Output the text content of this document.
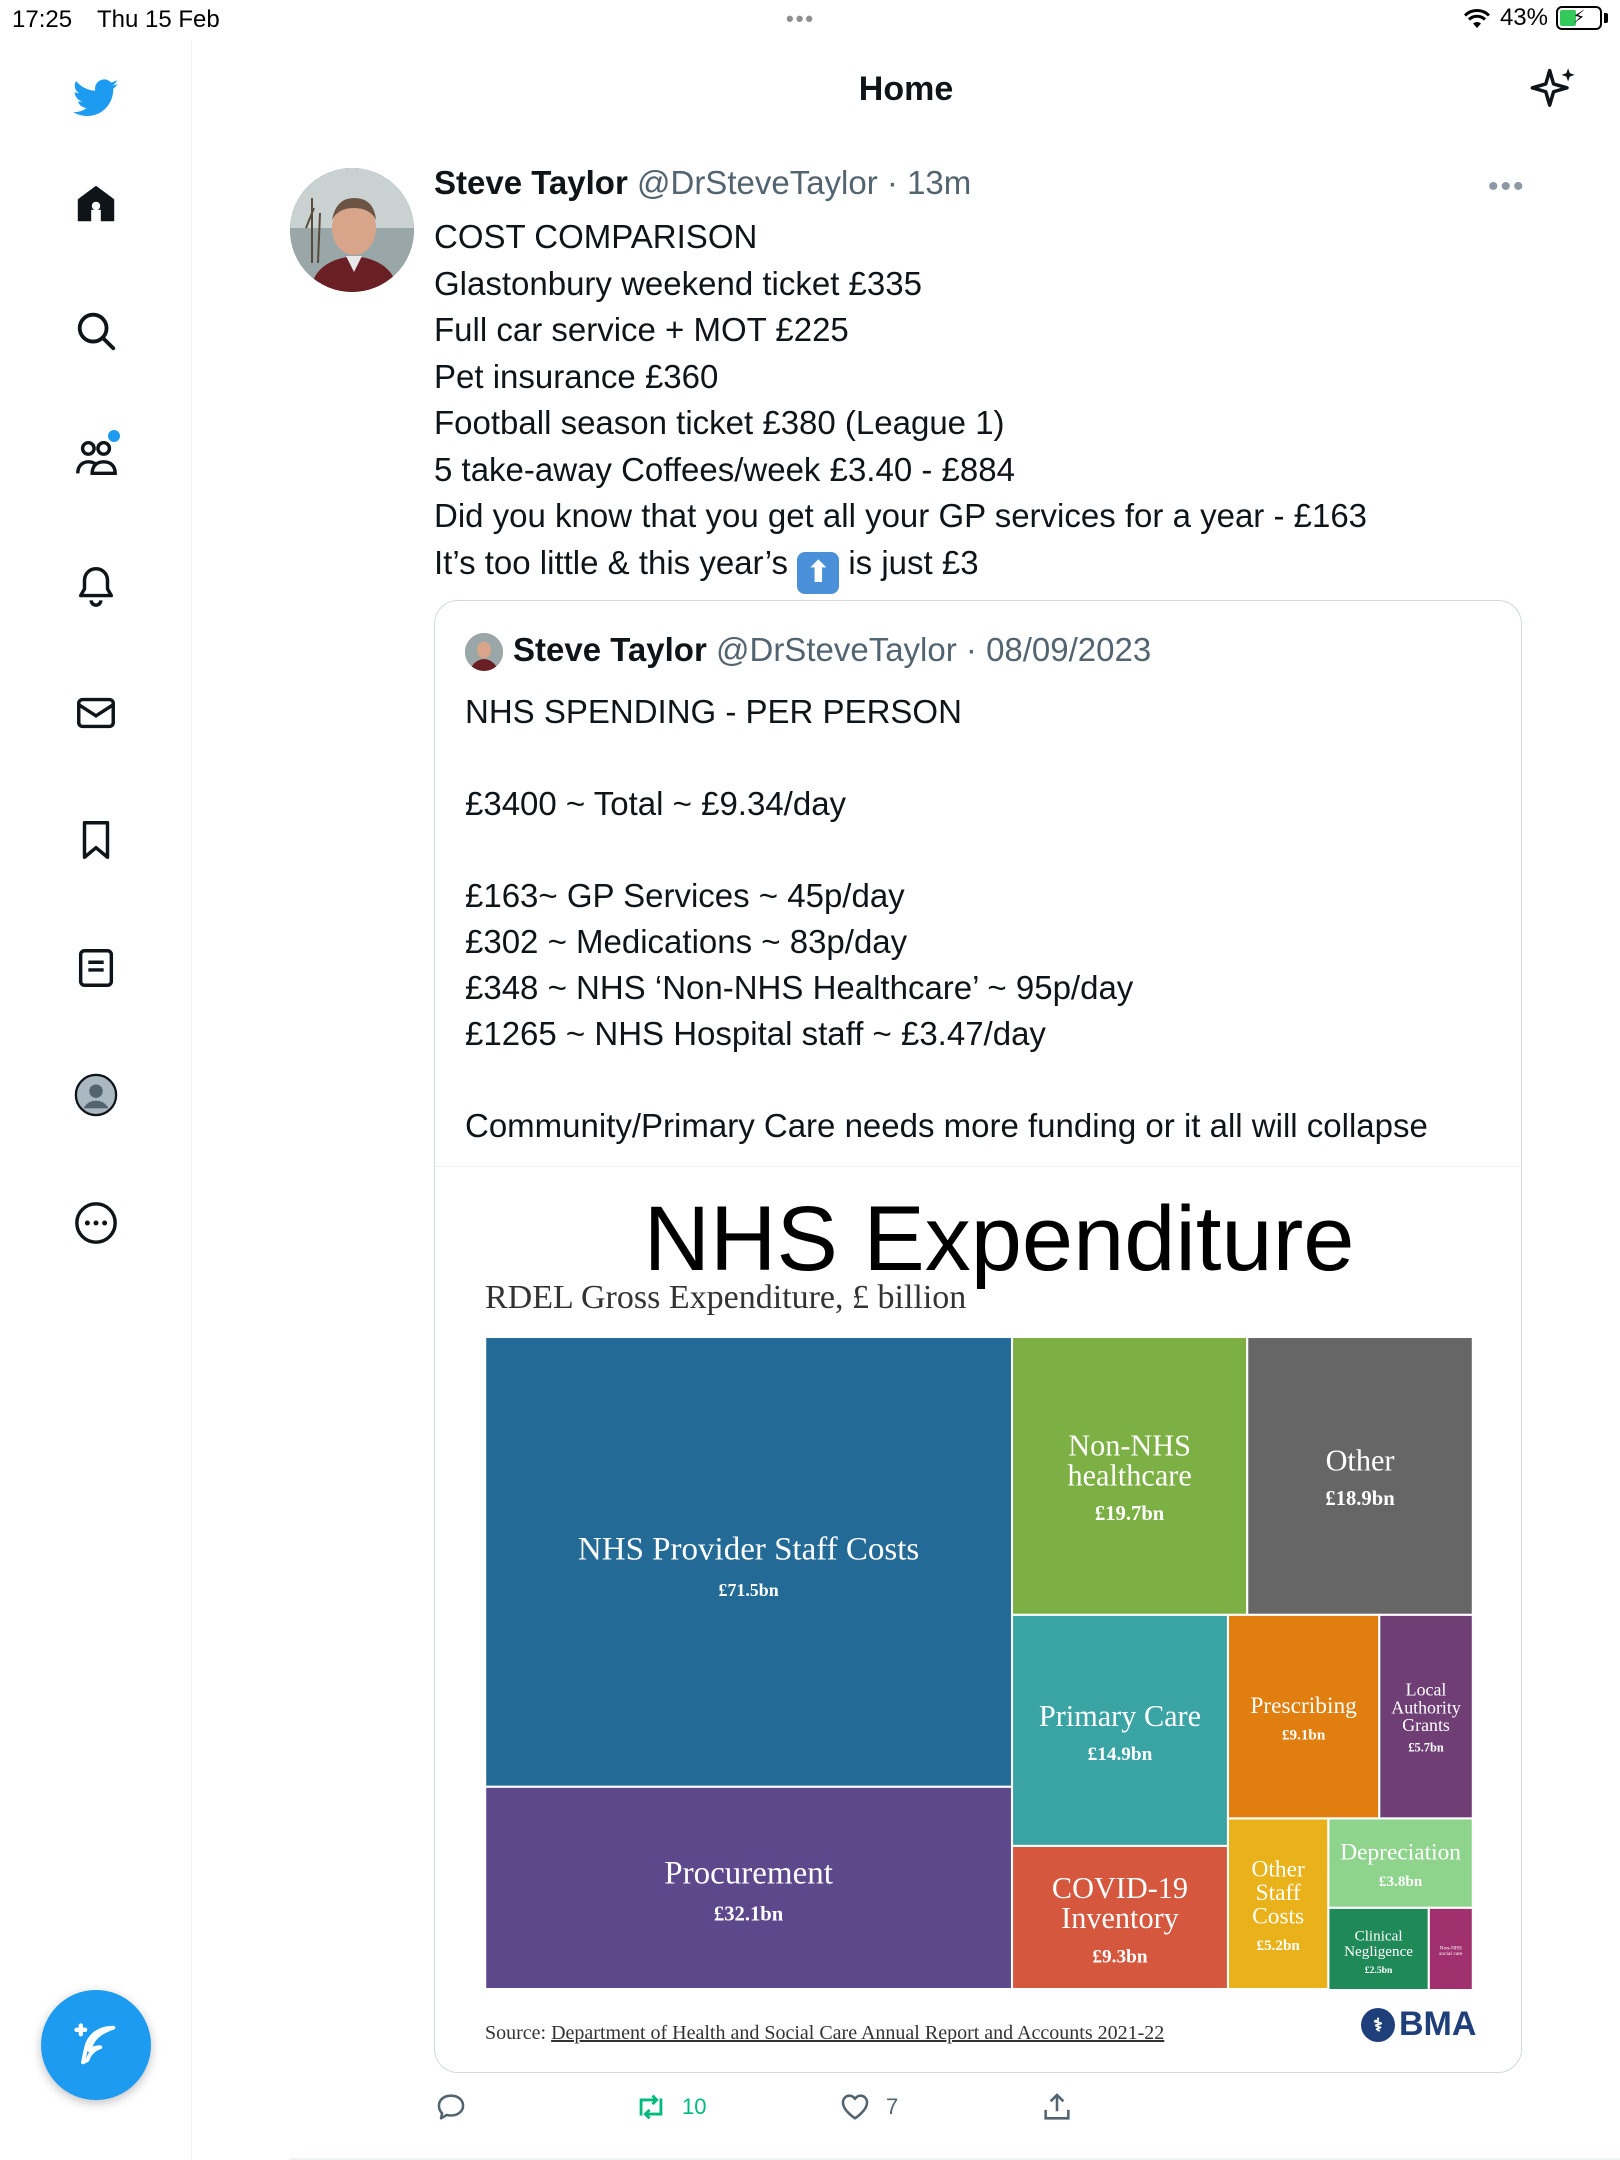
17:25 Thu 15 Feb	•••	43% ⚡
Home
Steve Taylor @DrSteveTaylor · 13m	•••
COST COMPARISON
Glastonbury weekend ticket £335
Full car service + MOT £225
Pet insurance £360
Football season ticket £380 (League 1)
5 take-away Coffees/week £3.40 - £884
Did you know that you get all your GP services for a year - £163
It’s too little & this year’s ⬆ is just £3
Steve Taylor @DrSteveTaylor · 08/09/2023
NHS SPENDING - PER PERSON

£3400 ~ Total ~ £9.34/day

£163~ GP Services ~ 45p/day
£302 ~ Medications ~ 83p/day
£348 ~ NHS ‘Non-NHS Healthcare’ ~ 95p/day
£1265 ~ NHS Hospital staff ~ £3.47/day

Community/Primary Care needs more funding or it all will collapse
NHS Expenditure
RDEL Gross Expenditure, £ billion
NHS Provider Staff Costs
£71.5bn
Procurement
£32.1bn
Non-NHS
healthcare
£19.7bn
Other
£18.9bn
Primary Care
£14.9bn
COVID-19
Inventory
£9.3bn
Prescribing
£9.1bn
Local
Authority
Grants
£5.7bn
Other
Staff
Costs
£5.2bn
Depreciation
£3.8bn
Clinical
Negligence
£2.5bn
Non-NHS
social care
Source: Department of Health and Social Care Annual Report and Accounts 2021-22	⚕ BMA
10	7
